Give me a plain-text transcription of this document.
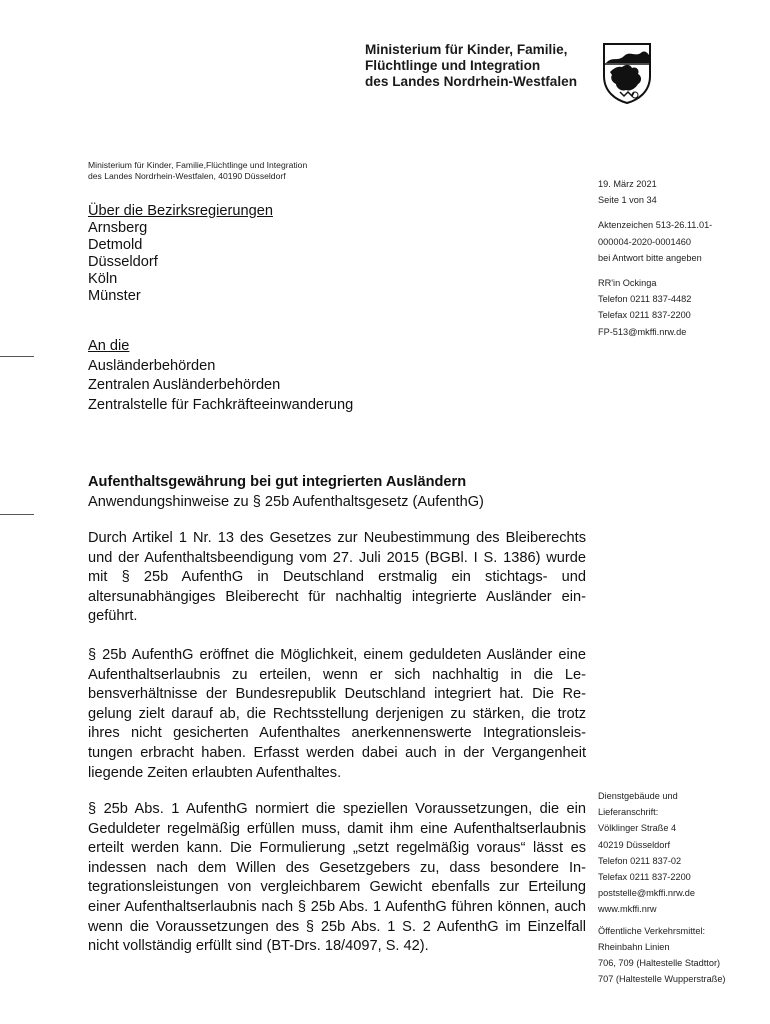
Ministerium für Kinder, Familie,
Flüchtlinge und Integration
des Landes Nordrhein-Westfalen
Ministerium für Kinder, Familie,Flüchtlinge und Integration
des Landes Nordrhein-Westfalen, 40190 Düsseldorf
Über die Bezirksregierungen
Arnsberg
Detmold
Düsseldorf
Köln
Münster
An die
Ausländerbehörden
Zentralen Ausländerbehörden
Zentralstelle für Fachkräfteeinwanderung
19. März 2021
Seite 1 von 34
Aktenzeichen 513-26.11.01-
000004-2020-0001460
bei Antwort bitte angeben
RR'in Ockinga
Telefon 0211 837-4482
Telefax 0211 837-2200
FP-513@mkffi.nrw.de
Dienstgebäude und
Lieferanschrift:
Völklinger Straße 4
40219 Düsseldorf
Telefon 0211 837-02
Telefax 0211 837-2200
poststelle@mkffi.nrw.de
www.mkffi.nrw
Öffentliche Verkehrsmittel:
Rheinbahn Linien
706, 709 (Haltestelle Stadttor)
707 (Haltestelle Wupperstraße)
Aufenthaltsgewährung bei gut integrierten Ausländern
Anwendungshinweise zu § 25b Aufenthaltsgesetz (AufenthG)
Durch Artikel 1 Nr. 13 des Gesetzes zur Neubestimmung des Bleiberechts und der Aufenthaltsbeendigung vom 27. Juli 2015 (BGBl. I S. 1386) wurde mit § 25b AufenthG in Deutschland erstmalig ein stichtags- und altersunabhängiges Bleiberecht für nachhaltig integrierte Ausländer eingeführt.
§ 25b AufenthG eröffnet die Möglichkeit, einem geduldeten Ausländer eine Aufenthaltserlaubnis zu erteilen, wenn er sich nachhaltig in die Lebensverhältnisse der Bundesrepublik Deutschland integriert hat. Die Regelung zielt darauf ab, die Rechtsstellung derjenigen zu stärken, die trotz ihres nicht gesicherten Aufenthaltes anerkennenswerte Integrationsleistungen erbracht haben. Erfasst werden dabei auch in der Vergangenheit liegende Zeiten erlaubten Aufenthaltes.
§ 25b Abs. 1 AufenthG normiert die speziellen Voraussetzungen, die ein Geduldeter regelmäßig erfüllen muss, damit ihm eine Aufenthaltserlaubnis erteilt werden kann. Die Formulierung „setzt regelmäßig voraus“ lässt es indessen nach dem Willen des Gesetzgebers zu, dass besondere Integrationsleistungen von vergleichbarem Gewicht ebenfalls zur Erteilung einer Aufenthaltserlaubnis nach § 25b Abs. 1 AufenthG führen können, auch wenn die Voraussetzungen des § 25b Abs. 1 S. 2 AufenthG im Einzelfall nicht vollständig erfüllt sind (BT-Drs. 18/4097, S. 42).
